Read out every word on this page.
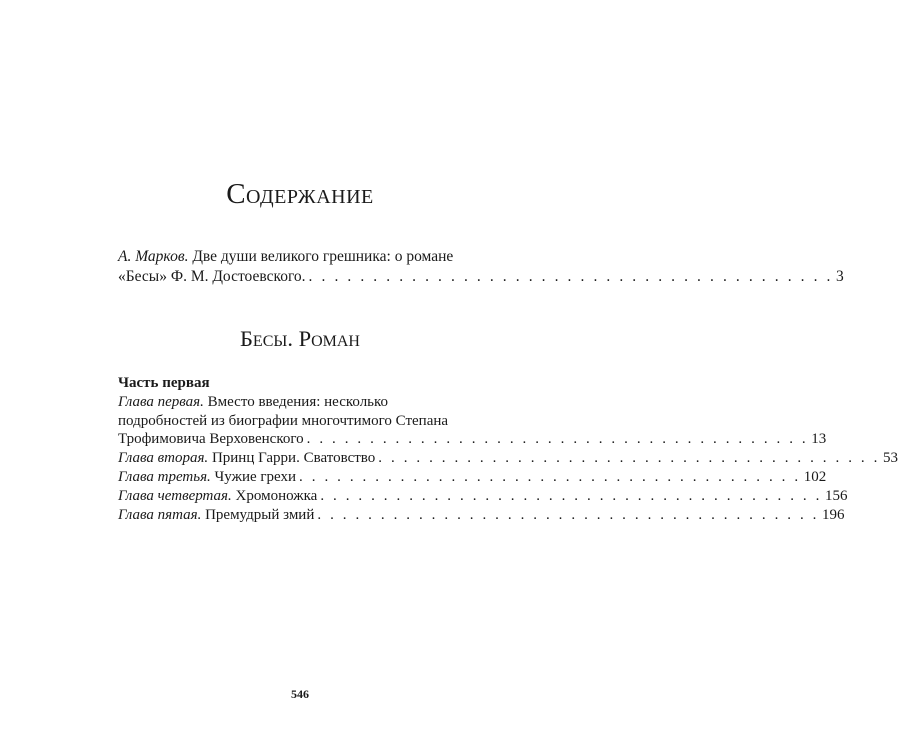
Содержание
А. Марков. Две души великого грешника: о романе
«Бесы» Ф. М. Достоевского. . . . . . . . . . . . . . . . . . . . . . . . . . . . . . . . . . . . . . . . . . 3
Бесы. Роман
Часть первая
Глава первая. Вместо введения: несколько
подробностей из биографии многочтимого Степана
Трофимовича Верховенского . . . . . . . . . . . . . . . . . . . . . . . . . . . . . . . . . . . . . . . . 13
Глава вторая. Принц Гарри. Сватовство . . . . . . . . . . . . . . . . . . . . . . . . . . . . . . . . . . . . . . . . 53
Глава третья. Чужие грехи . . . . . . . . . . . . . . . . . . . . . . . . . . . . . . . . . . . . . . . . 102
Глава четвертая. Хромоножка . . . . . . . . . . . . . . . . . . . . . . . . . . . . . . . . . . . . . . . . 156
Глава пятая. Премудрый змий . . . . . . . . . . . . . . . . . . . . . . . . . . . . . . . . . . . . . . . . 196
546
